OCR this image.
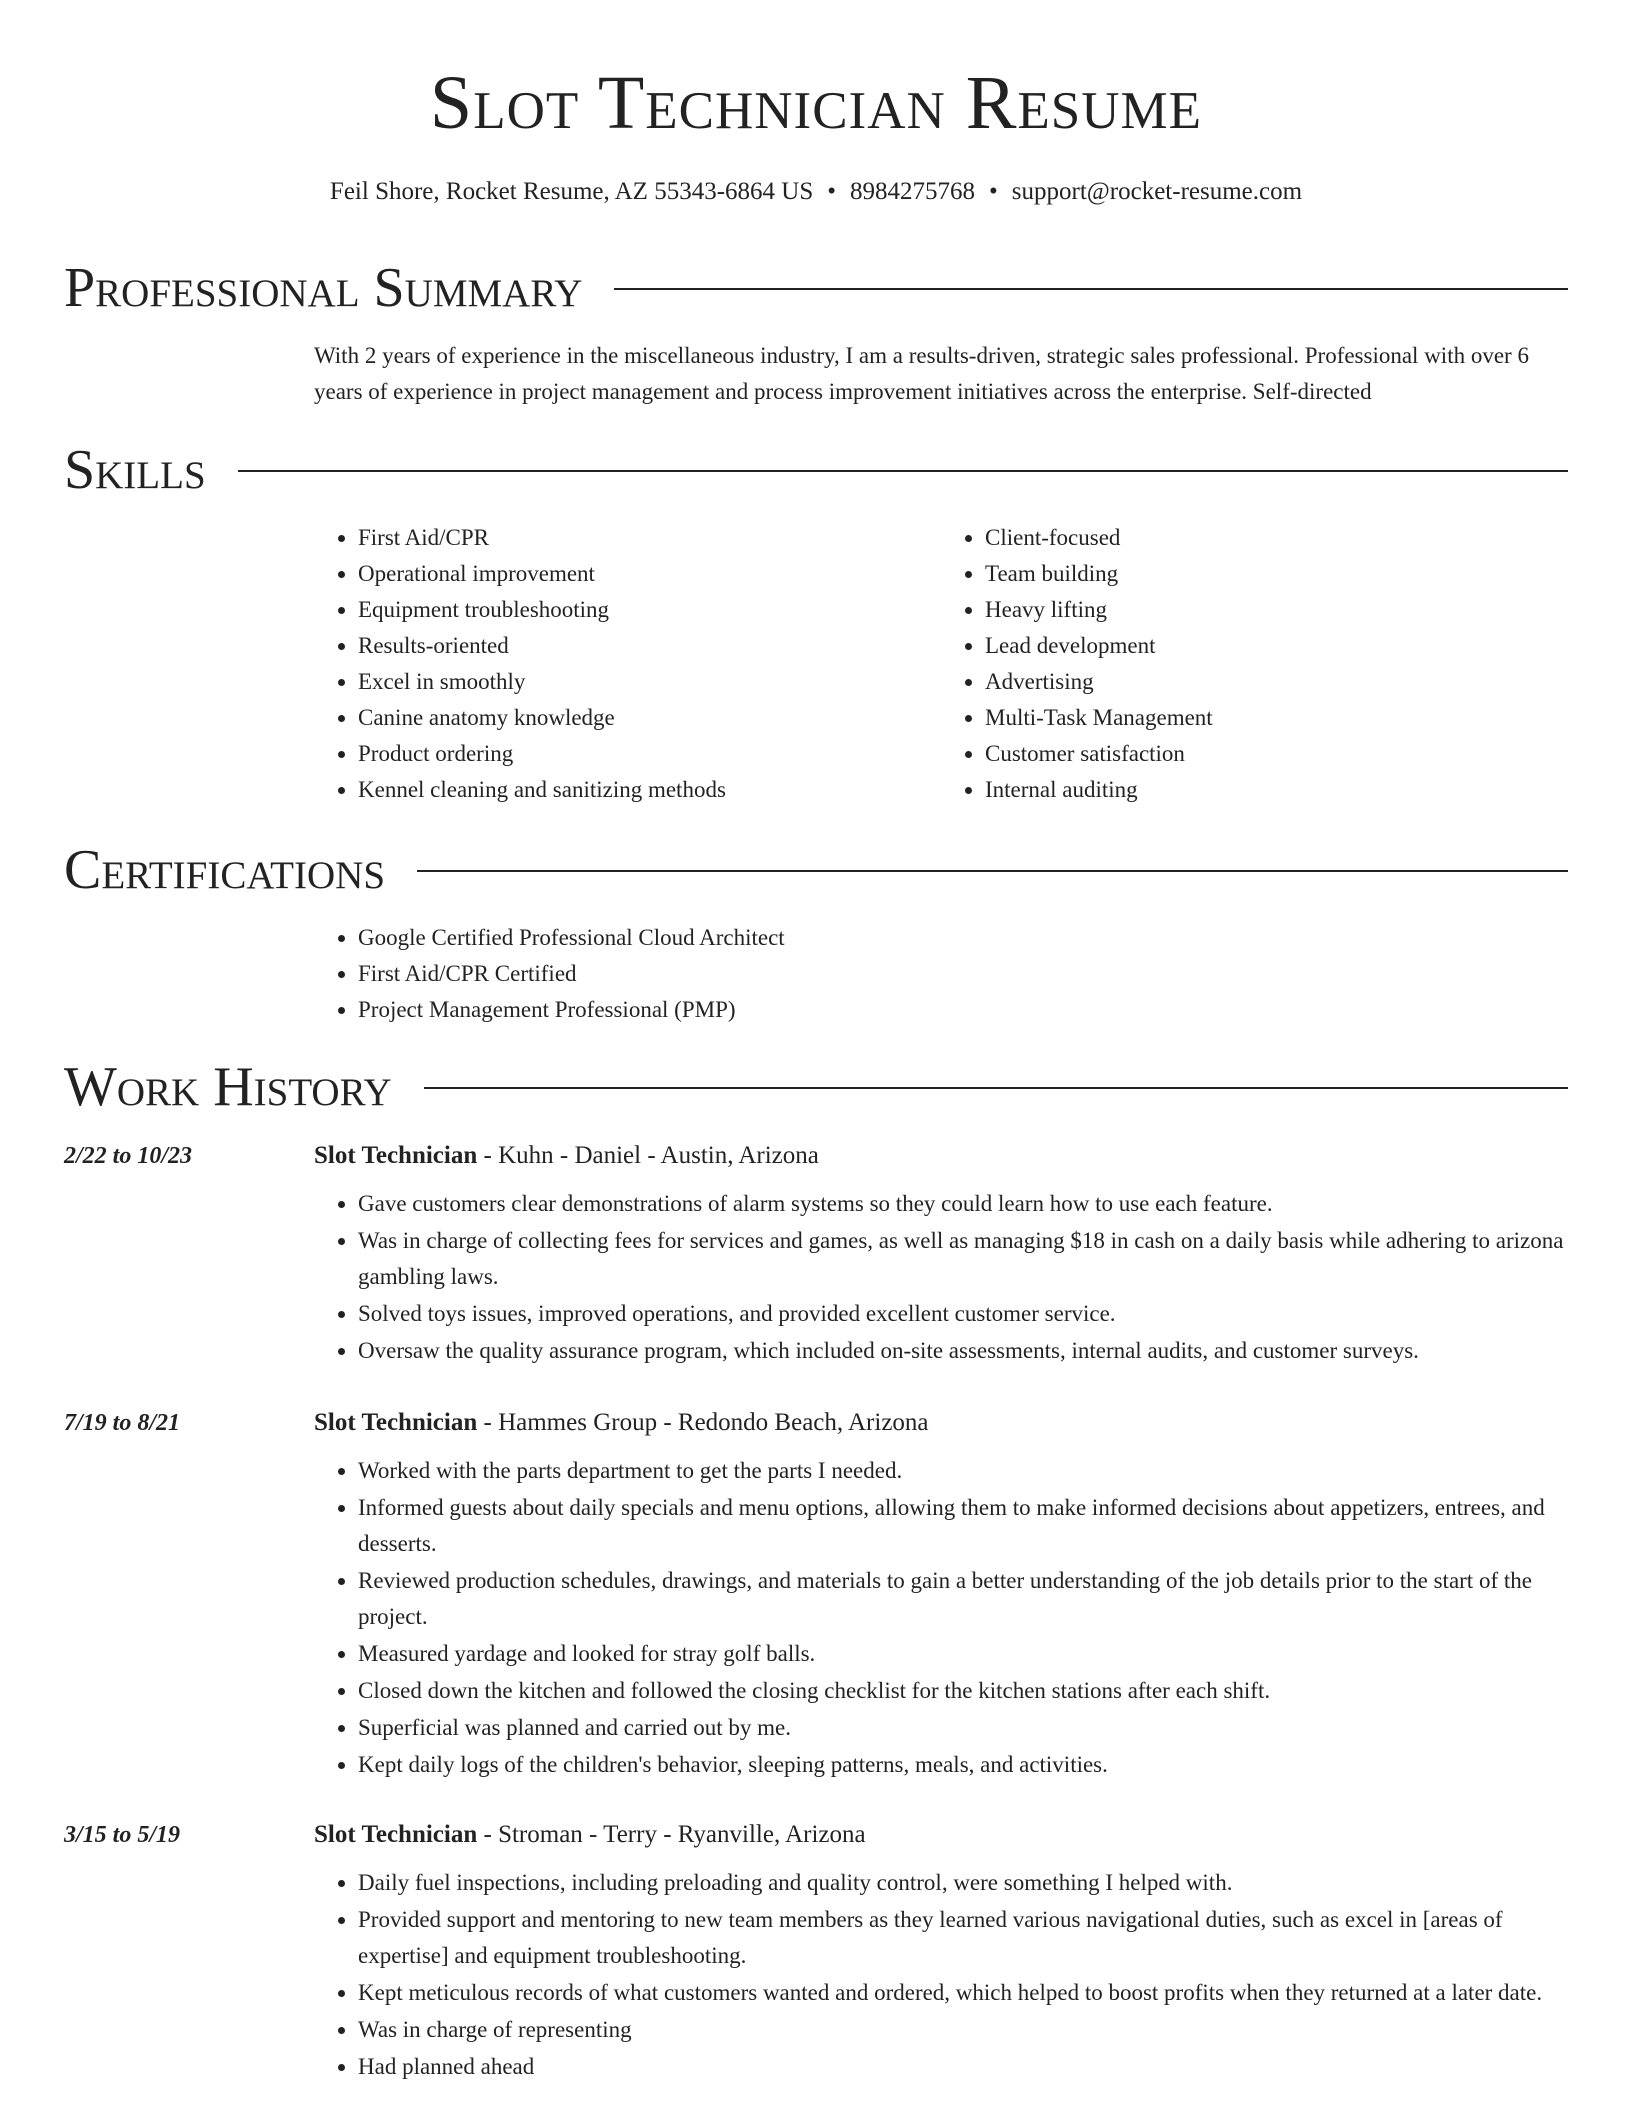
Slot Technician Resume
Feil Shore, Rocket Resume, AZ 55343-6864 US • 8984275768 • support@rocket-resume.com
Professional Summary
With 2 years of experience in the miscellaneous industry, I am a results-driven, strategic sales professional. Professional with over 6 years of experience in project management and process improvement initiatives across the enterprise. Self-directed
Skills
• First Aid/CPR
• Operational improvement
• Equipment troubleshooting
• Results-oriented
• Excel in smoothly
• Canine anatomy knowledge
• Product ordering
• Kennel cleaning and sanitizing methods
• Client-focused
• Team building
• Heavy lifting
• Lead development
• Advertising
• Multi-Task Management
• Customer satisfaction
• Internal auditing
Certifications
• Google Certified Professional Cloud Architect
• First Aid/CPR Certified
• Project Management Professional (PMP)
Work History
2/22 to 10/23	Slot Technician - Kuhn - Daniel - Austin, Arizona
• Gave customers clear demonstrations of alarm systems so they could learn how to use each feature.
• Was in charge of collecting fees for services and games, as well as managing $18 in cash on a daily basis while adhering to arizona gambling laws.
• Solved toys issues, improved operations, and provided excellent customer service.
• Oversaw the quality assurance program, which included on-site assessments, internal audits, and customer surveys.
7/19 to 8/21	Slot Technician - Hammes Group - Redondo Beach, Arizona
• Worked with the parts department to get the parts I needed.
• Informed guests about daily specials and menu options, allowing them to make informed decisions about appetizers, entrees, and desserts.
• Reviewed production schedules, drawings, and materials to gain a better understanding of the job details prior to the start of the project.
• Measured yardage and looked for stray golf balls.
• Closed down the kitchen and followed the closing checklist for the kitchen stations after each shift.
• Superficial was planned and carried out by me.
• Kept daily logs of the children's behavior, sleeping patterns, meals, and activities.
3/15 to 5/19	Slot Technician - Stroman - Terry - Ryanville, Arizona
• Daily fuel inspections, including preloading and quality control, were something I helped with.
• Provided support and mentoring to new team members as they learned various navigational duties, such as excel in [areas of expertise] and equipment troubleshooting.
• Kept meticulous records of what customers wanted and ordered, which helped to boost profits when they returned at a later date.
• Was in charge of representing
• Had planned ahead
